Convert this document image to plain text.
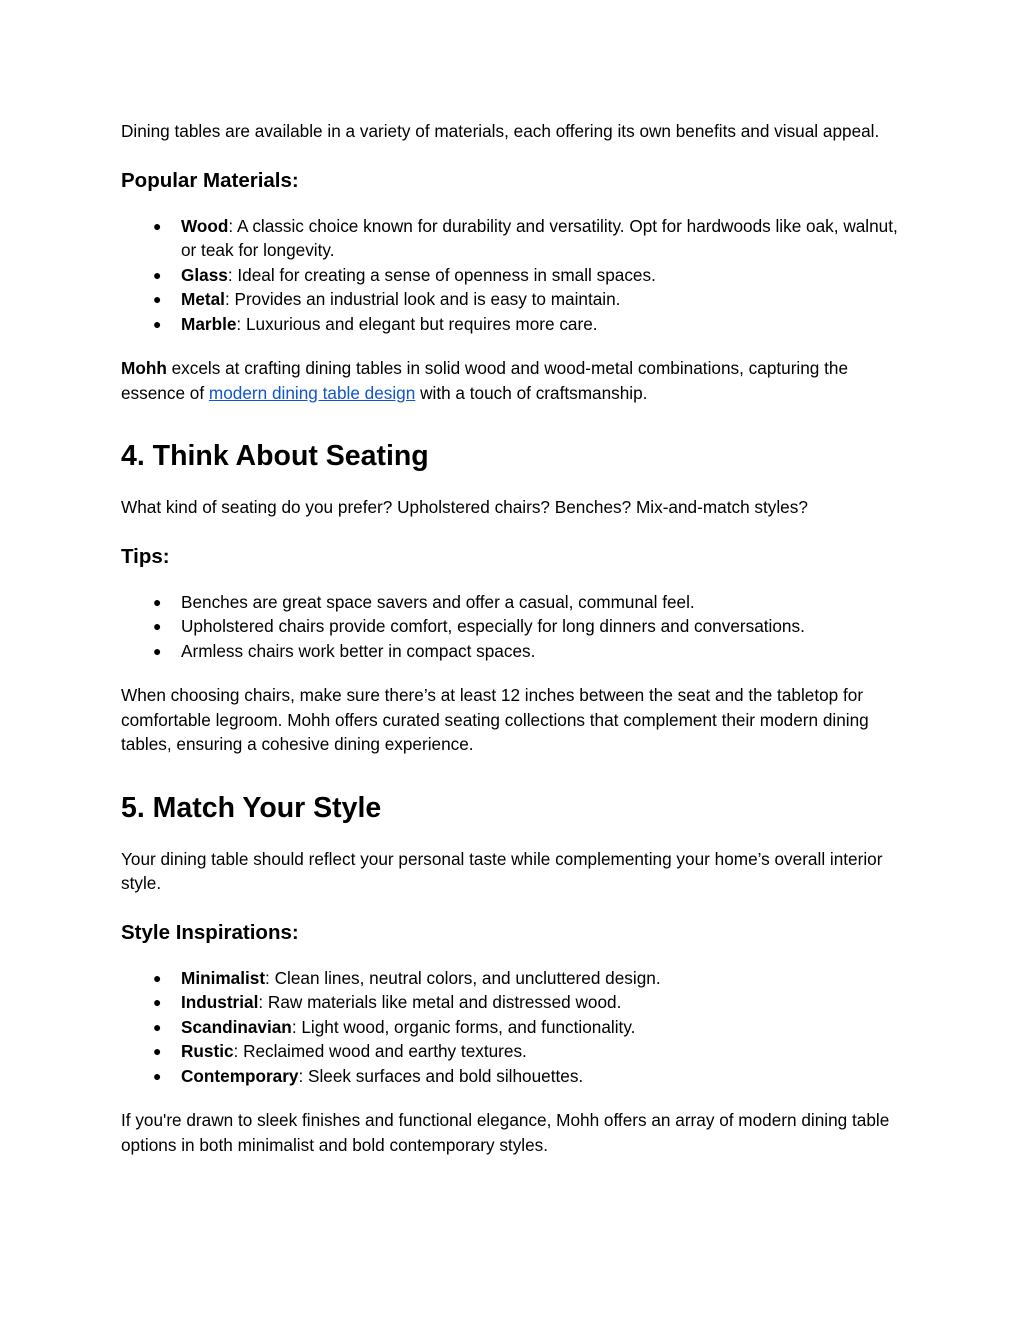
Dining tables are available in a variety of materials, each offering its own benefits and visual appeal.

Popular Materials:
● Wood: A classic choice known for durability and versatility. Opt for hardwoods like oak, walnut, or teak for longevity.
● Glass: Ideal for creating a sense of openness in small spaces.
● Metal: Provides an industrial look and is easy to maintain.
● Marble: Luxurious and elegant but requires more care.

Mohh excels at crafting dining tables in solid wood and wood-metal combinations, capturing the essence of modern dining table design with a touch of craftsmanship.

4. Think About Seating

What kind of seating do you prefer? Upholstered chairs? Benches? Mix-and-match styles?

Tips:
● Benches are great space savers and offer a casual, communal feel.
● Upholstered chairs provide comfort, especially for long dinners and conversations.
● Armless chairs work better in compact spaces.

When choosing chairs, make sure there’s at least 12 inches between the seat and the tabletop for comfortable legroom. Mohh offers curated seating collections that complement their modern dining tables, ensuring a cohesive dining experience.

5. Match Your Style

Your dining table should reflect your personal taste while complementing your home’s overall interior style.

Style Inspirations:
● Minimalist: Clean lines, neutral colors, and uncluttered design.
● Industrial: Raw materials like metal and distressed wood.
● Scandinavian: Light wood, organic forms, and functionality.
● Rustic: Reclaimed wood and earthy textures.
● Contemporary: Sleek surfaces and bold silhouettes.

If you're drawn to sleek finishes and functional elegance, Mohh offers an array of modern dining table options in both minimalist and bold contemporary styles.
